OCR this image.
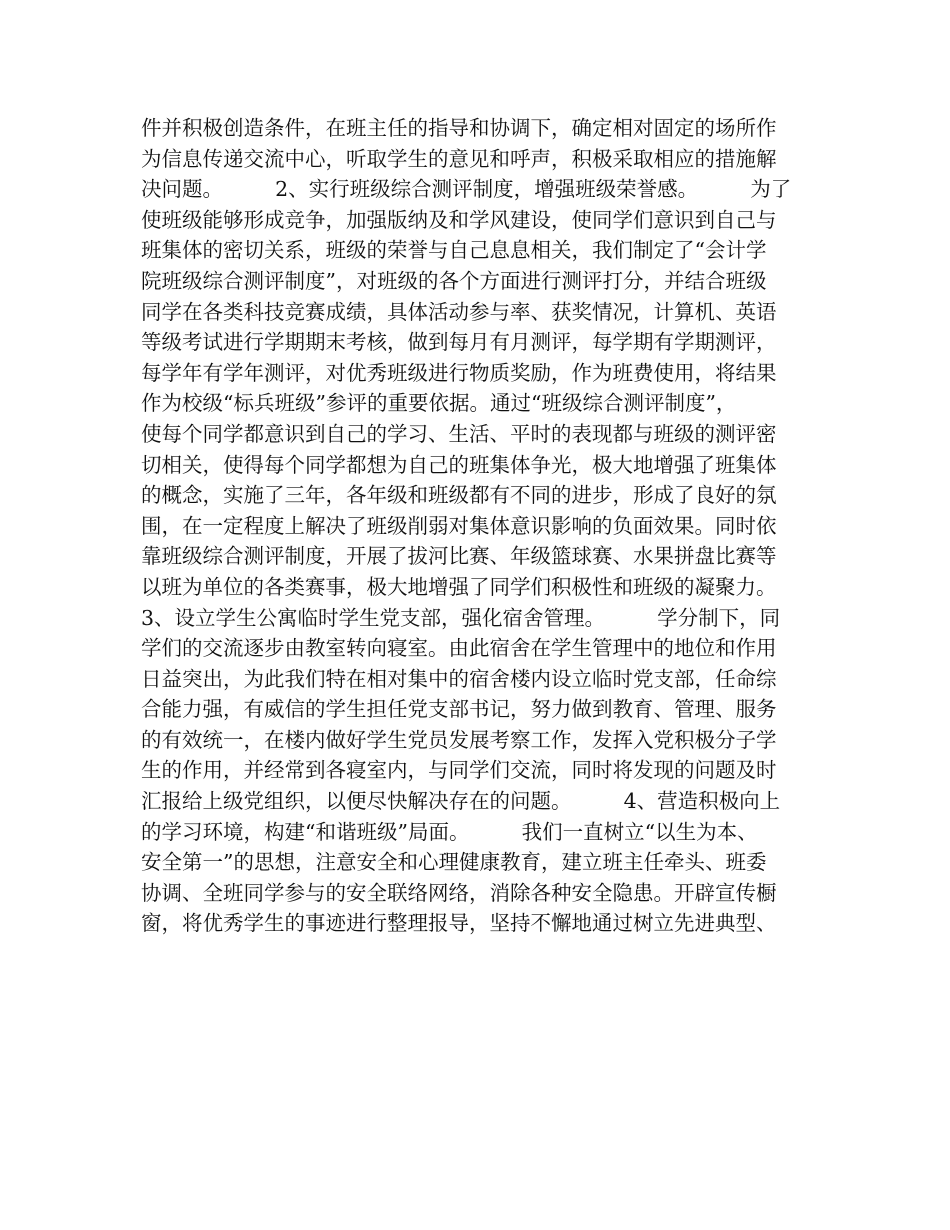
件并积极创造条件，在班主任的指导和协调下，确定相对固定的场所作
为信息传递交流中心，听取学生的意见和呼声，积极采取相应的措施解
决问题。        2、实行班级综合测评制度，增强班级荣誉感。        为了
使班级能够形成竞争，加强版纳及和学风建设，使同学们意识到自己与
班集体的密切关系，班级的荣誉与自己息息相关，我们制定了“会计学
院班级综合测评制度”，对班级的各个方面进行测评打分，并结合班级
同学在各类科技竞赛成绩，具体活动参与率、获奖情况，计算机、英语
等级考试进行学期期末考核，做到每月有月测评，每学期有学期测评，
每学年有学年测评，对优秀班级进行物质奖励，作为班费使用，将结果
作为校级“标兵班级”参评的重要依据。通过“班级综合测评制度”，
使每个同学都意识到自己的学习、生活、平时的表现都与班级的测评密
切相关，使得每个同学都想为自己的班集体争光，极大地增强了班集体
的概念，实施了三年，各年级和班级都有不同的进步，形成了良好的氛
围，在一定程度上解决了班级削弱对集体意识影响的负面效果。同时依
靠班级综合测评制度，开展了拔河比赛、年级篮球赛、水果拼盘比赛等
以班为单位的各类赛事，极大地增强了同学们积极性和班级的凝聚力。
3、设立学生公寓临时学生党支部，强化宿舍管理。        学分制下，同
学们的交流逐步由教室转向寝室。由此宿舍在学生管理中的地位和作用
日益突出，为此我们特在相对集中的宿舍楼内设立临时党支部，任命综
合能力强，有威信的学生担任党支部书记，努力做到教育、管理、服务
的有效统一，在楼内做好学生党员发展考察工作，发挥入党积极分子学
生的作用，并经常到各寝室内，与同学们交流，同时将发现的问题及时
汇报给上级党组织，以便尽快解决存在的问题。        4、营造积极向上
的学习环境，构建“和谐班级”局面。        我们一直树立“以生为本、
安全第一”的思想，注意安全和心理健康教育，建立班主任牵头、班委
协调、全班同学参与的安全联络网络，消除各种安全隐患。开辟宣传橱
窗，将优秀学生的事迹进行整理报导，坚持不懈地通过树立先进典型、
